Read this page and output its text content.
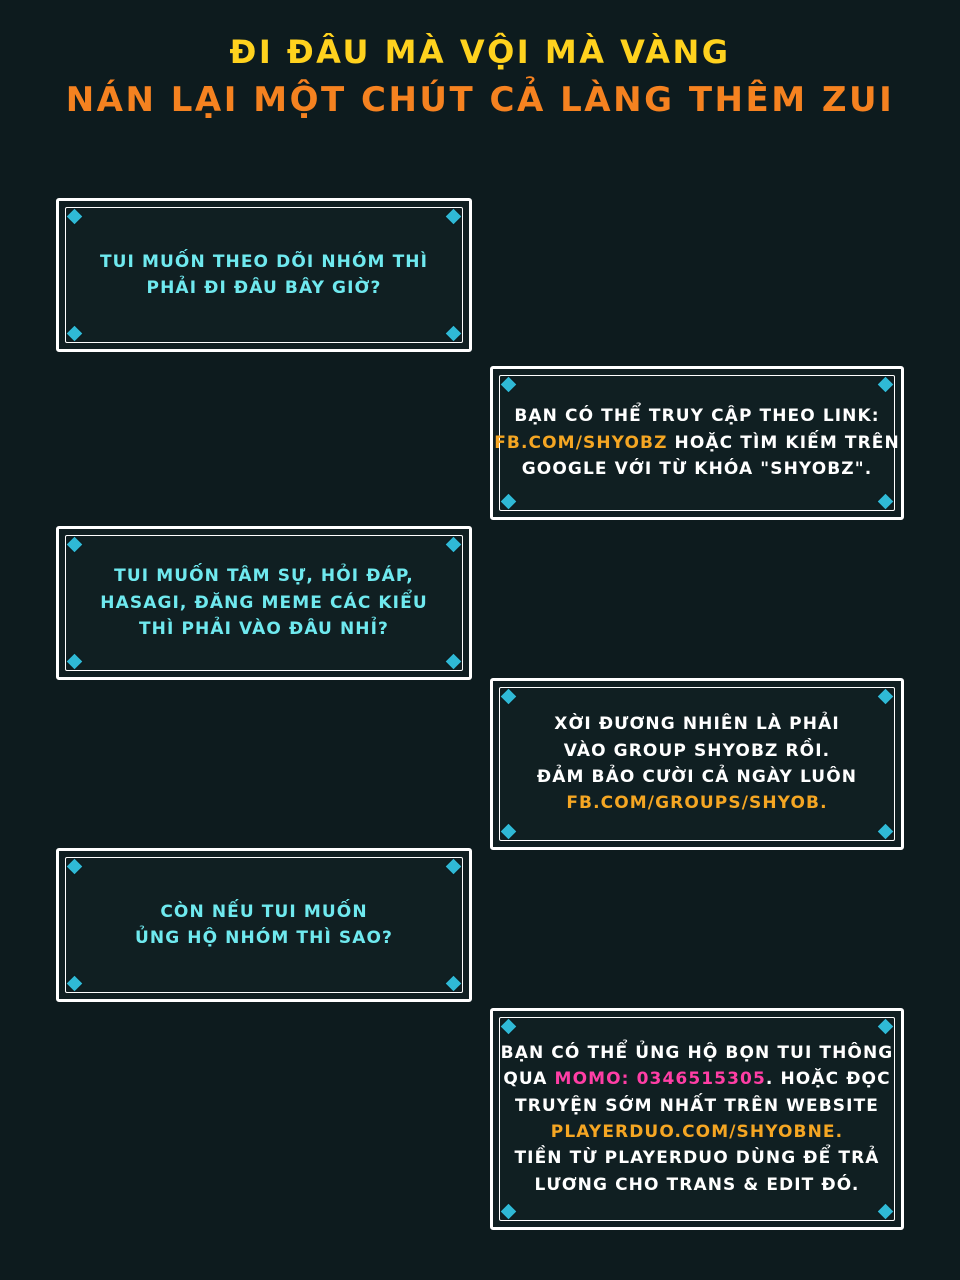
ĐI ĐÂU MÀ VỘI MÀ VÀNG
NÁN LẠI MỘT CHÚT CẢ LÀNG THÊM ZUI
TUI MUỐN THEO DÕI NHÓM THÌ
PHẢI ĐI ĐÂU BÂY GIỜ?
BẠN CÓ THỂ TRUY CẬP THEO LINK:
FB.COM/SHYOBZ HOẶC TÌM KIẾM TRÊN
GOOGLE VỚI TỪ KHÓA "SHYOBZ".
TUI MUỐN TÂM SỰ, HỎI ĐÁP,
HASAGI, ĐĂNG MEME CÁC KIỂU
THÌ PHẢI VÀO ĐÂU NHỈ?
XỜI ĐƯƠNG NHIÊN LÀ PHẢI
VÀO GROUP SHYOBZ RỒI.
ĐẢM BẢO CƯỜI CẢ NGÀY LUÔN
FB.COM/GROUPS/SHYOB.
CÒN NẾU TUI MUỐN
ỦNG HỘ NHÓM THÌ SAO?
BẠN CÓ THỂ ỦNG HỘ BỌN TUI THÔNG
QUA MOMO: 0346515305. HOẶC ĐỌC
TRUYỆN SỚM NHẤT TRÊN WEBSITE
PLAYERDUO.COM/SHYOBNE.
TIỀN TỪ PLAYERDUO DÙNG ĐỂ TRẢ
LƯƠNG CHO TRANS & EDIT ĐÓ.
